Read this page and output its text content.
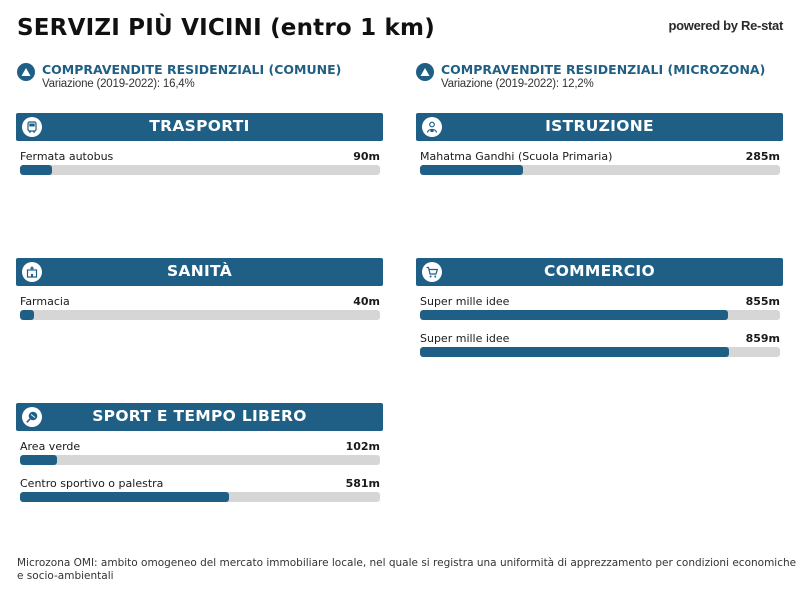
SERVIZI PIÙ VICINI (entro 1 km)	powered by Re-stat
COMPRAVENDITE RESIDENZIALI (COMUNE)
Variazione (2019-2022): 16,4%
COMPRAVENDITE RESIDENZIALI (MICROZONA)
Variazione (2019-2022): 12,2%
TRASPORTI
Fermata autobus	90m
ISTRUZIONE
Mahatma Gandhi (Scuola Primaria)	285m
SANITÀ
Farmacia	40m
COMMERCIO
Super mille idee	855m
Super mille idee	859m
SPORT E TEMPO LIBERO
Area verde	102m
Centro sportivo o palestra	581m
Microzona OMI: ambito omogeneo del mercato immobiliare locale, nel quale si registra una uniformità di apprezzamento per condizioni economiche e socio-ambientali
